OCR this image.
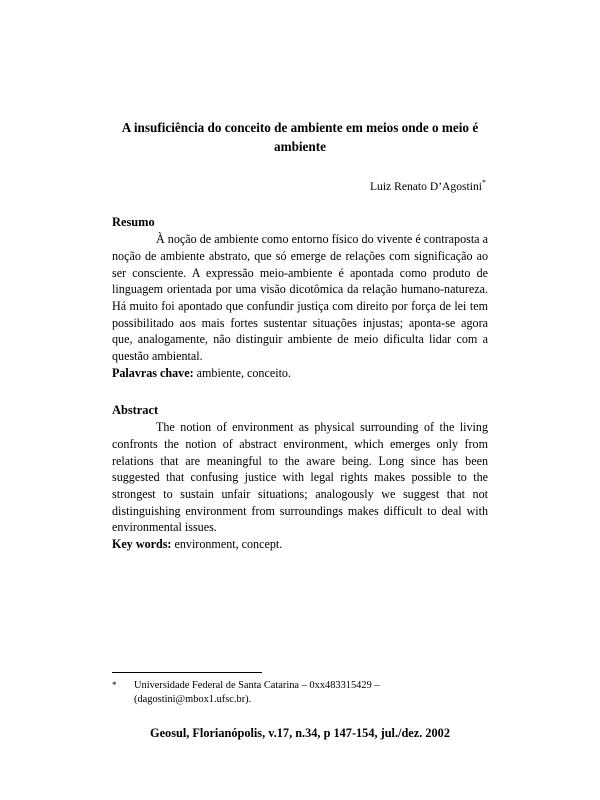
A insuficiência do conceito de ambiente em meios onde o meio é ambiente

Luiz Renato D’Agostini*

Resumo

À noção de ambiente como entorno físico do vivente é contraposta a noção de ambiente abstrato, que só emerge de relações com significação ao ser consciente. A expressão meio-ambiente é apontada como produto de linguagem orientada por uma visão dicotômica da relação humano-natureza. Há muito foi apontado que confundir justiça com direito por força de lei tem possibilitado aos mais fortes sustentar situações injustas; aponta-se agora que, analogamente, não distinguir ambiente de meio dificulta lidar com a questão ambiental.

Palavras chave: ambiente, conceito.

Abstract

The notion of environment as physical surrounding of the living confronts the notion of abstract environment, which emerges only from relations that are meaningful to the aware being. Long since has been suggested that confusing justice with legal rights makes possible to the strongest to sustain unfair situations; analogously we suggest that not distinguishing environment from surroundings makes difficult to deal with environmental issues.

Key words: environment, concept.

* Universidade Federal de Santa Catarina – 0xx483315429 –
(dagostini@mbox1.ufsc.br).
Geosul, Florianópolis, v.17, n.34, p 147-154, jul./dez. 2002
